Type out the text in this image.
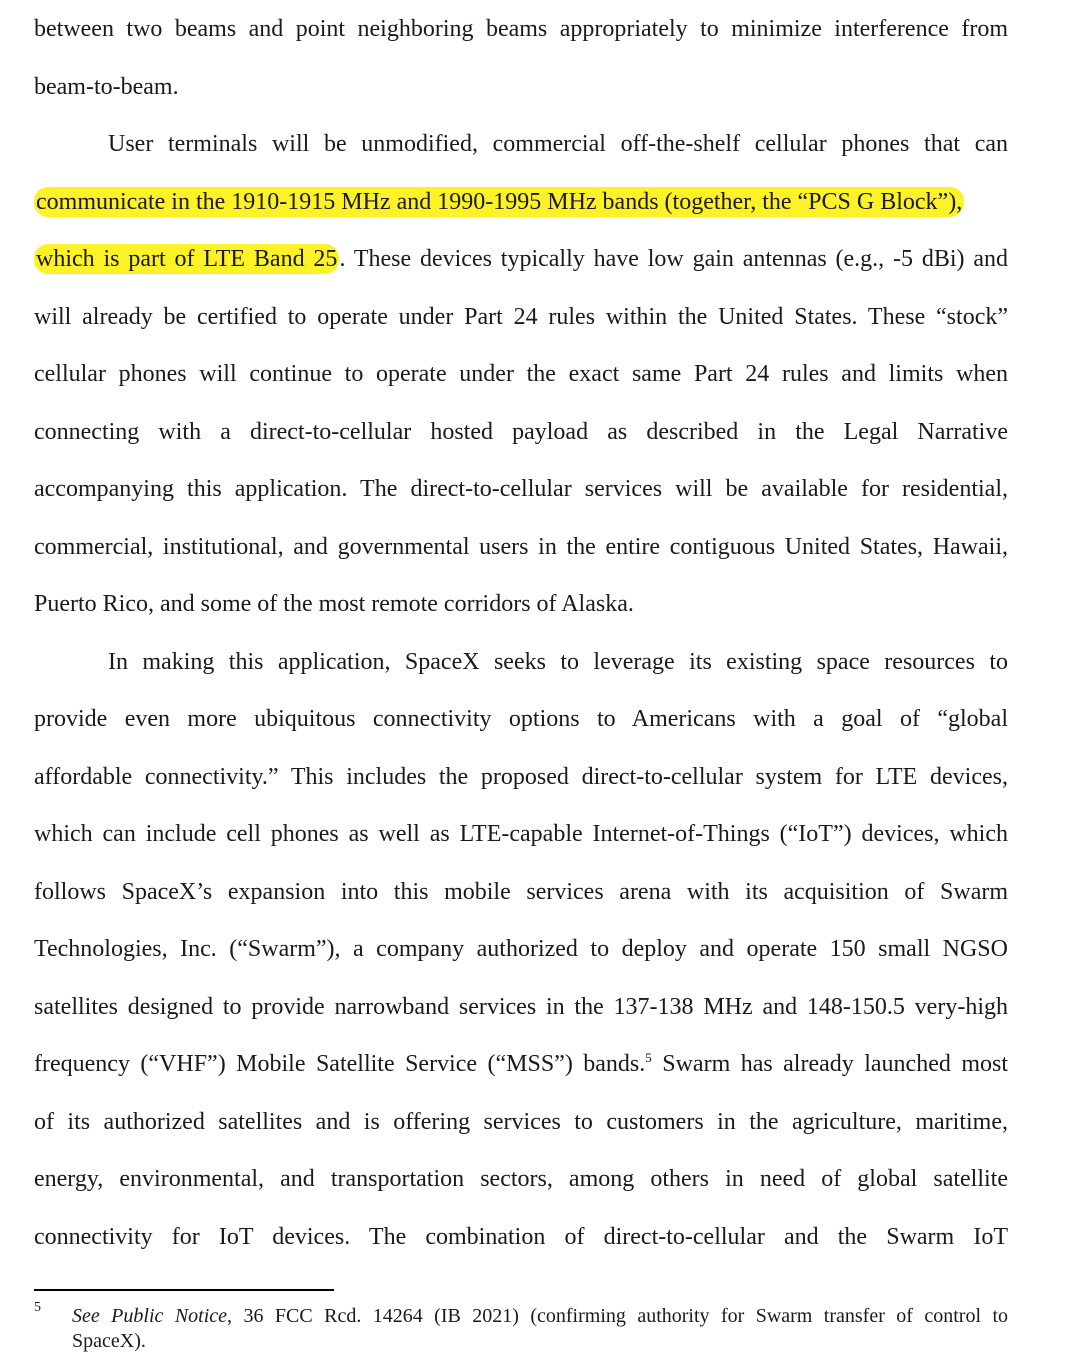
between two beams and point neighboring beams appropriately to minimize interference from
beam-to-beam.
User terminals will be unmodified, commercial off-the-shelf cellular phones that can
communicate in the 1910-1915 MHz and 1990-1995 MHz bands (together, the “PCS G Block”),
which is part of LTE Band 25. These devices typically have low gain antennas (e.g., -5 dBi) and
will already be certified to operate under Part 24 rules within the United States. These “stock”
cellular phones will continue to operate under the exact same Part 24 rules and limits when
connecting with a direct-to-cellular hosted payload as described in the Legal Narrative
accompanying this application. The direct-to-cellular services will be available for residential,
commercial, institutional, and governmental users in the entire contiguous United States, Hawaii,
Puerto Rico, and some of the most remote corridors of Alaska.
In making this application, SpaceX seeks to leverage its existing space resources to
provide even more ubiquitous connectivity options to Americans with a goal of “global
affordable connectivity.” This includes the proposed direct-to-cellular system for LTE devices,
which can include cell phones as well as LTE-capable Internet-of-Things (“IoT”) devices, which
follows SpaceX’s expansion into this mobile services arena with its acquisition of Swarm
Technologies, Inc. (“Swarm”), a company authorized to deploy and operate 150 small NGSO
satellites designed to provide narrowband services in the 137-138 MHz and 148-150.5 very-high
frequency (“VHF”) Mobile Satellite Service (“MSS”) bands.$^5$ Swarm has already launched most
of its authorized satellites and is offering services to customers in the agriculture, maritime,
energy, environmental, and transportation sectors, among others in need of global satellite
connectivity for IoT devices. The combination of direct-to-cellular and the Swarm IoT
5 See Public Notice, 36 FCC Rcd. 14264 (IB 2021) (confirming authority for Swarm transfer of control to
SpaceX).
